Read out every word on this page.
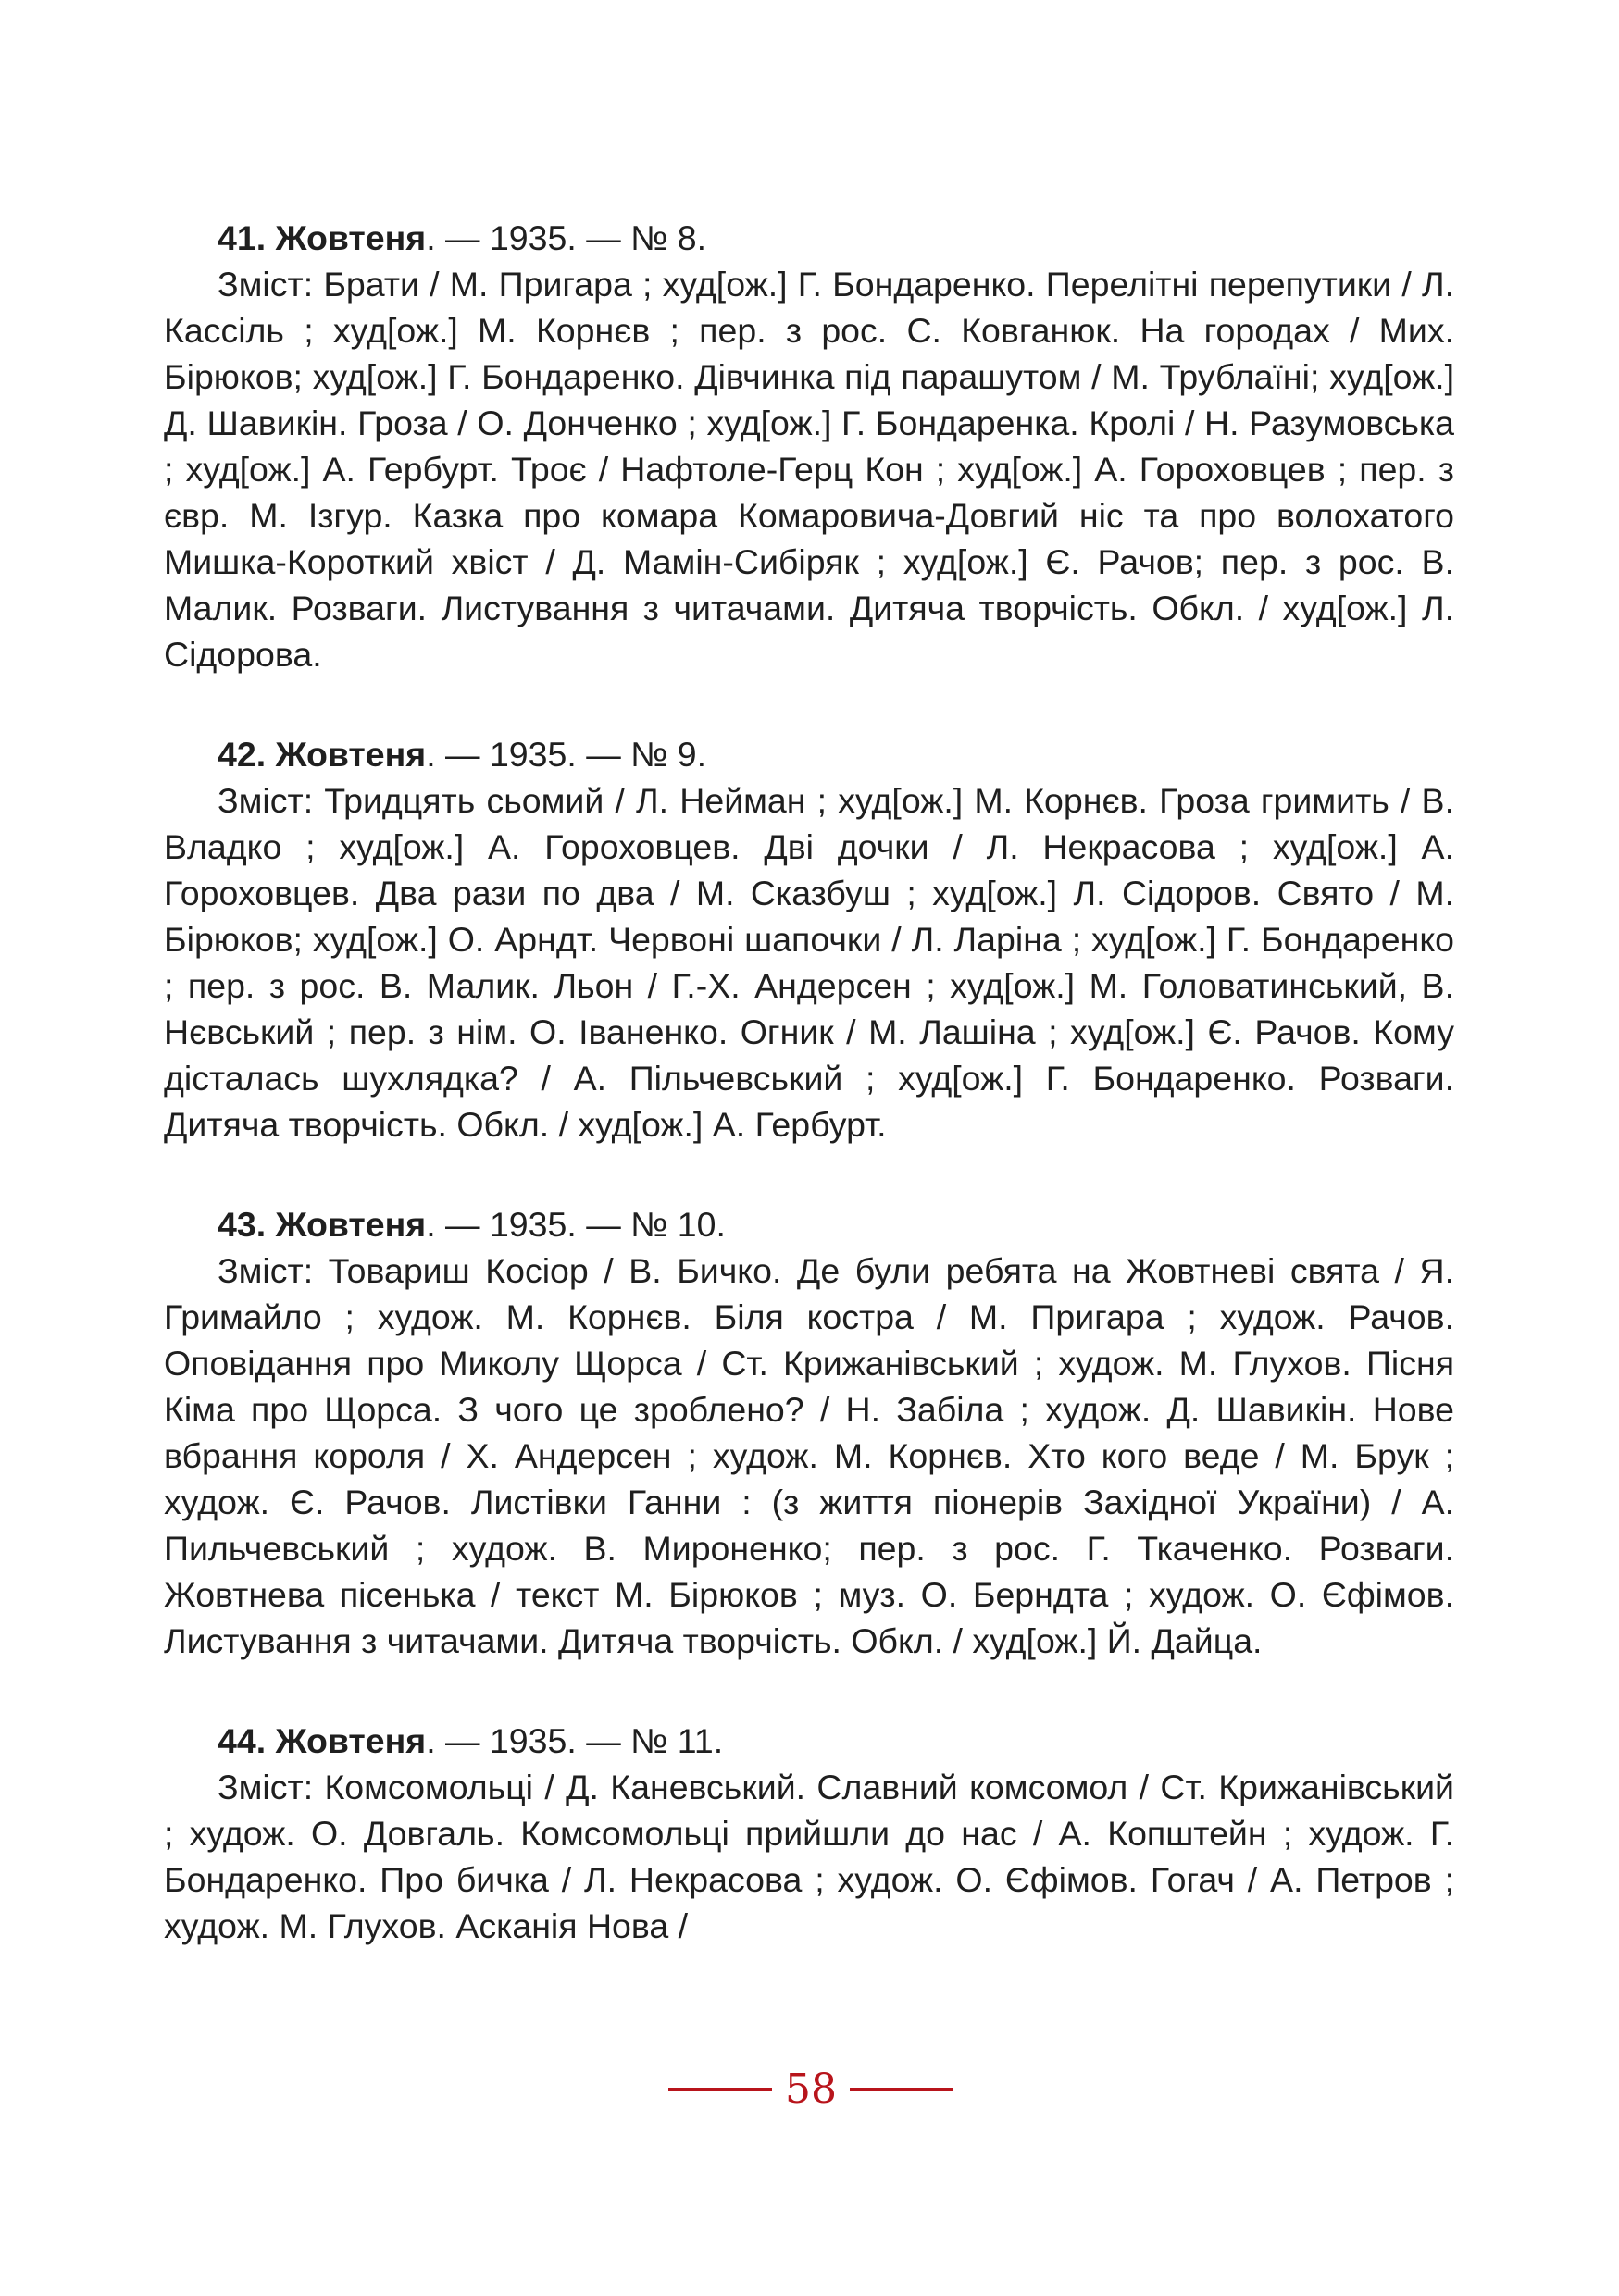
41. Жовтеня. — 1935. — № 8.

Зміст: Брати / М. Пригара ; худ[ож.] Г. Бондаренко. Перелітні перепутики / Л. Кассіль ; худ[ож.] М. Корнєв ; пер. з рос. С. Ковганюк. На городах / Мих. Бірюков; худ[ож.] Г. Бондаренко. Дівчинка під парашутом / М. Трублаїні; худ[ож.] Д. Шавикін. Гроза / О. Донченко ; худ[ож.] Г. Бондаренка. Кролі / Н. Разумовська ; худ[ож.] А. Гербурт. Троє / Нафтоле-Герц Кон ; худ[ож.] А. Гороховцев ; пер. з євр. М. Ізгур. Казка про комара Комаровича-Довгий ніс та про волохатого Мишка-Короткий хвіст / Д. Мамін-Сибіряк ; худ[ож.] Є. Рачов; пер. з рос. В. Малик. Розваги. Листування з читачами. Дитяча творчість. Обкл. / худ[ож.] Л. Сідорова.

42. Жовтеня. — 1935. — № 9.

Зміст: Тридцять сьомий / Л. Нейман ; худ[ож.] М. Корнєв. Гроза гримить / В. Владко ; худ[ож.] А. Гороховцев. Дві дочки / Л. Некрасова ; худ[ож.] А. Гороховцев. Два рази по два / М. Сказбуш ; худ[ож.] Л. Сідоров. Свято / М. Бірюков; худ[ож.] О. Арндт. Червоні шапочки / Л. Ларіна ; худ[ож.] Г. Бондаренко ; пер. з рос. В. Малик. Льон / Г.-Х. Андерсен ; худ[ож.] М. Головатинський, В. Нєвський ; пер. з нім. О. Іваненко. Огник / М. Лашіна ; худ[ож.] Є. Рачов. Кому дісталась шухлядка? / А. Пільчевський ; худ[ож.] Г. Бондаренко. Розваги. Дитяча творчість. Обкл. / худ[ож.] А. Гербурт.

43. Жовтеня. — 1935. — № 10.

Зміст: Товариш Косіор / В. Бичко. Де були ребята на Жовтневі свята / Я. Гримайло ; худож. М. Корнєв. Біля костра / М. Пригара ; худож. Рачов. Оповідання про Миколу Щорса / Ст. Крижанівський ; худож. М. Глухов. Пісня Кіма про Щорса. З чого це зроблено? / Н. Забіла ; худож. Д. Шавикін. Нове вбрання короля / Х. Андерсен ; худож. М. Корнєв. Хто кого веде / М. Брук ; худож. Є. Рачов. Листівки Ганни : (з життя піонерів Західної України) / А. Пильчевський ; худож. В. Мироненко; пер. з рос. Г. Ткаченко. Розваги. Жовтнева пісенька / текст М. Бірюков ; муз. О. Берндта ; худож. О. Єфімов. Листування з читачами. Дитяча творчість. Обкл. / худ[ож.] Й. Дайца.

44. Жовтеня. — 1935. — № 11.

Зміст: Комсомольці / Д. Каневський. Славний комсомол / Ст. Крижанівський ; худож. О. Довгаль. Комсомольці прийшли до нас / А. Копштейн ; худож. Г. Бондаренко. Про бичка / Л. Некрасова ; худож. О. Єфімов. Гогач / А. Петров ; худож. М. Глухов. Асканія Нова /

58
